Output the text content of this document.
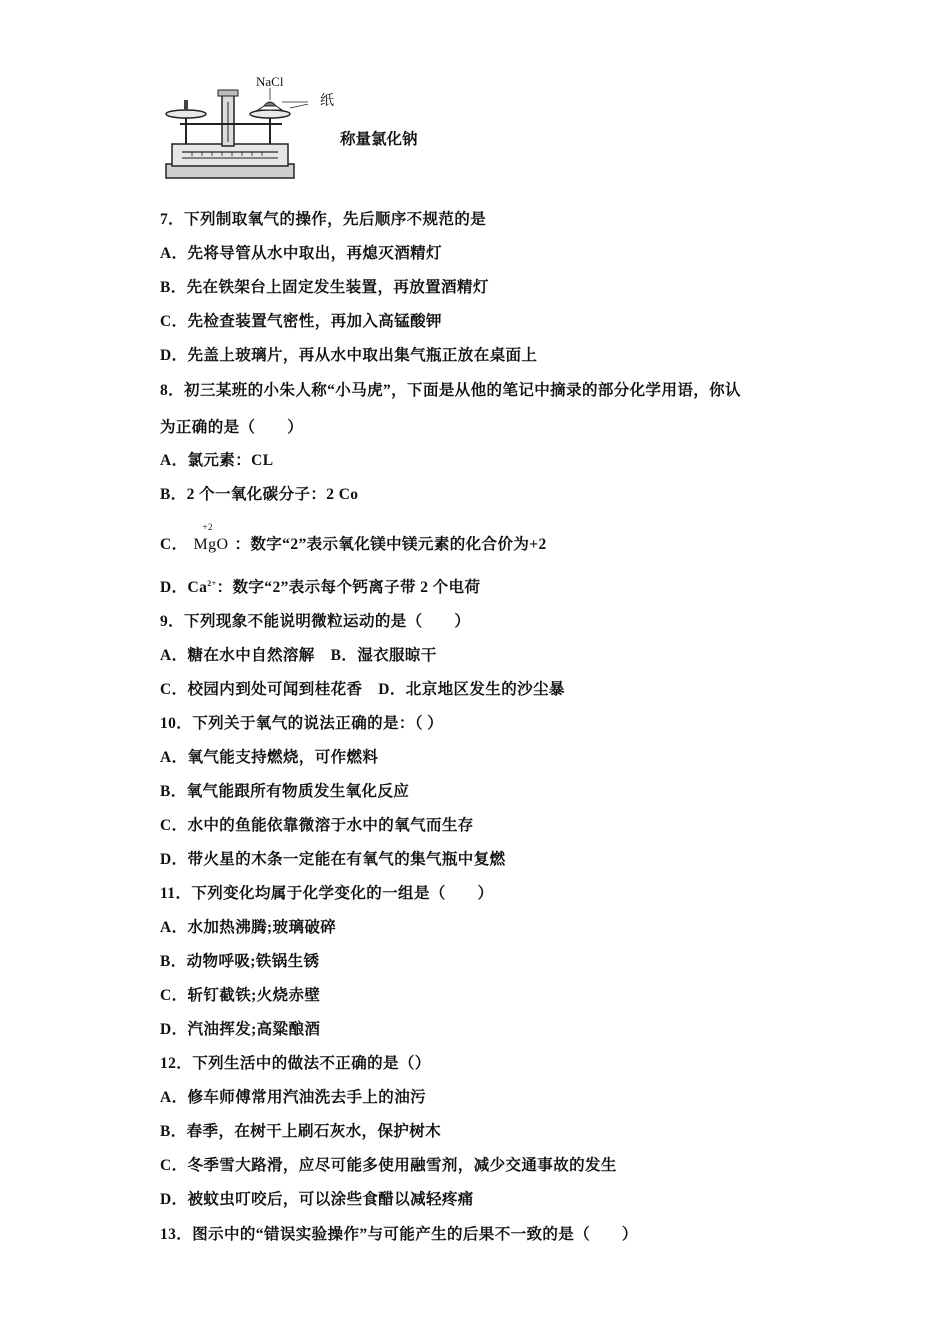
NaCl
纸
称量氯化钠
7．下列制取氧气的操作，先后顺序不规范的是
A．先将导管从水中取出，再熄灭酒精灯
B．先在铁架台上固定发生装置，再放置酒精灯
C．先检查装置气密性，再加入高锰酸钾
D．先盖上玻璃片，再从水中取出集气瓶正放在桌面上
8．初三某班的小朱人称“小马虎”，下面是从他的笔记中摘录的部分化学用语，你认
为正确的是（　　）
A．氯元素：CL
B．2 个一氧化碳分子：2 Co
C．
+2
MgO ：数字“2”表示氧化镁中镁元素的化合价为+2
D．$Ca^{2+}$：数字“2”表示每个钙离子带 2 个电荷
9．下列现象不能说明微粒运动的是（　　）
A．糖在水中自然溶解　B．湿衣服晾干
C．校园内到处可闻到桂花香　D．北京地区发生的沙尘暴
10．下列关于氧气的说法正确的是：（ ）
A．氧气能支持燃烧，可作燃料
B．氧气能跟所有物质发生氧化反应
C．水中的鱼能依靠微溶于水中的氧气而生存
D．带火星的木条一定能在有氧气的集气瓶中复燃
11．下列变化均属于化学变化的一组是（　　）
A．水加热沸腾;玻璃破碎
B．动物呼吸;铁锅生锈
C．斩钉截铁;火烧赤壁
D．汽油挥发;高粱酿酒
12．下列生活中的做法不正确的是（）
A．修车师傅常用汽油洗去手上的油污
B．春季，在树干上刷石灰水，保护树木
C．冬季雪大路滑，应尽可能多使用融雪剂，减少交通事故的发生
D．被蚊虫叮咬后，可以涂些食醋以减轻疼痛
13．图示中的“错误实验操作”与可能产生的后果不一致的是（　　）
